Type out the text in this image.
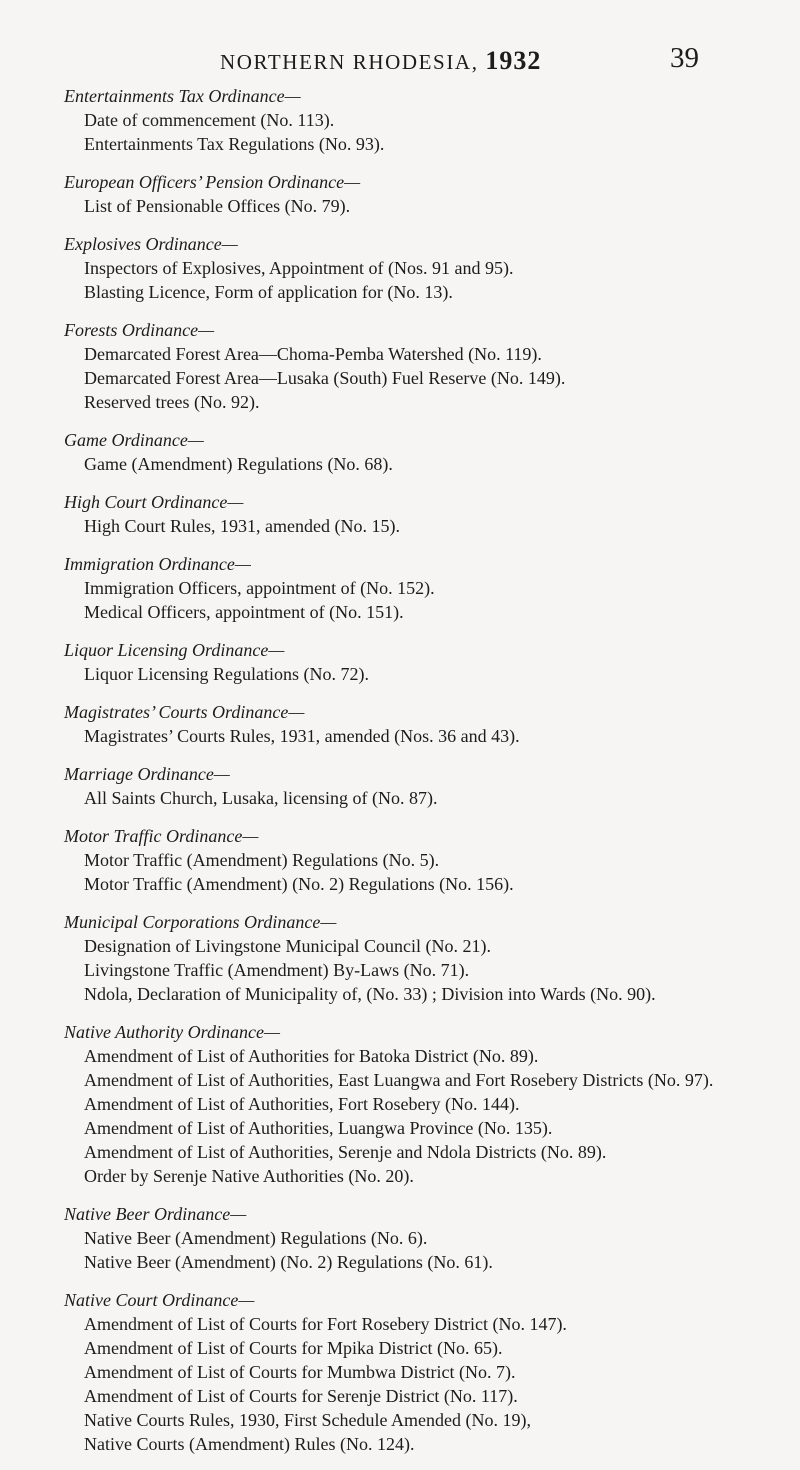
NORTHERN RHODESIA, 1932	39
Entertainments Tax Ordinance—
Date of commencement (No. 113).
Entertainments Tax Regulations (No. 93).
European Officers’ Pension Ordinance—
List of Pensionable Offices (No. 79).
Explosives Ordinance—
Inspectors of Explosives, Appointment of (Nos. 91 and 95).
Blasting Licence, Form of application for (No. 13).
Forests Ordinance—
Demarcated Forest Area—Choma-Pemba Watershed (No. 119).
Demarcated Forest Area—Lusaka (South) Fuel Reserve (No. 149).
Reserved trees (No. 92).
Game Ordinance—
Game (Amendment) Regulations (No. 68).
High Court Ordinance—
High Court Rules, 1931, amended (No. 15).
Immigration Ordinance—
Immigration Officers, appointment of (No. 152).
Medical Officers, appointment of (No. 151).
Liquor Licensing Ordinance—
Liquor Licensing Regulations (No. 72).
Magistrates’ Courts Ordinance—
Magistrates’ Courts Rules, 1931, amended (Nos. 36 and 43).
Marriage Ordinance—
All Saints Church, Lusaka, licensing of (No. 87).
Motor Traffic Ordinance—
Motor Traffic (Amendment) Regulations (No. 5).
Motor Traffic (Amendment) (No. 2) Regulations (No. 156).
Municipal Corporations Ordinance—
Designation of Livingstone Municipal Council (No. 21).
Livingstone Traffic (Amendment) By-Laws (No. 71).
Ndola, Declaration of Municipality of, (No. 33) ; Division into Wards (No. 90).
Native Authority Ordinance—
Amendment of List of Authorities for Batoka District (No. 89).
Amendment of List of Authorities, East Luangwa and Fort Rosebery Districts (No. 97).
Amendment of List of Authorities, Fort Rosebery (No. 144).
Amendment of List of Authorities, Luangwa Province (No. 135).
Amendment of List of Authorities, Serenje and Ndola Districts (No. 89).
Order by Serenje Native Authorities (No. 20).
Native Beer Ordinance—
Native Beer (Amendment) Regulations (No. 6).
Native Beer (Amendment) (No. 2) Regulations (No. 61).
Native Court Ordinance—
Amendment of List of Courts for Fort Rosebery District (No. 147).
Amendment of List of Courts for Mpika District (No. 65).
Amendment of List of Courts for Mumbwa District (No. 7).
Amendment of List of Courts for Serenje District (No. 117).
Native Courts Rules, 1930, First Schedule Amended (No. 19),
Native Courts (Amendment) Rules (No. 124).
